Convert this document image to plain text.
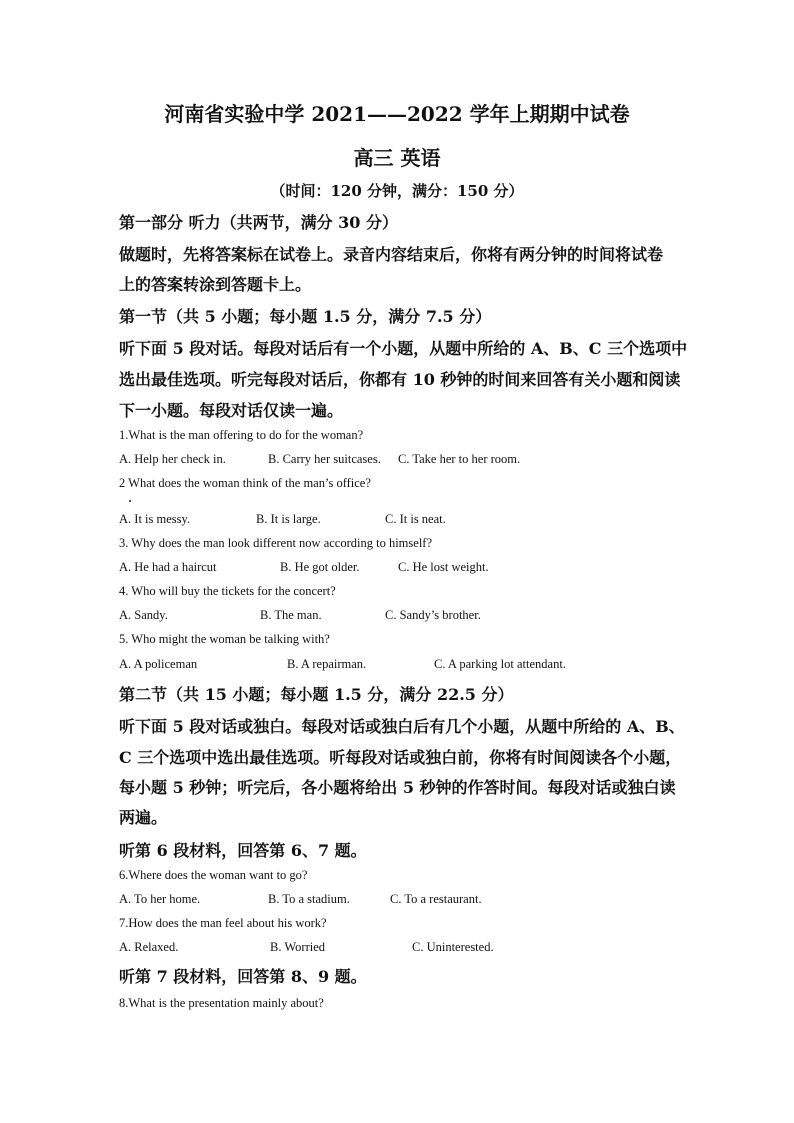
河南省实验中学 2021——2022 学年上期期中试卷
高三 英语
（时间：120 分钟，满分：150 分）
第一部分 听力（共两节，满分 30 分）
做题时，先将答案标在试卷上。录音内容结束后，你将有两分钟的时间将试卷
上的答案转涂到答题卡上。
第一节（共 5 小题；每小题 1.5 分，满分 7.5 分）
听下面 5 段对话。每段对话后有一个小题，从题中所给的 A、B、C 三个选项中
选出最佳选项。听完每段对话后，你都有 10 秒钟的时间来回答有关小题和阅读
下一小题。每段对话仅读一遍。
1.What is the man offering to do for the woman?
A. Help her check in.	B. Carry her suitcases. C. Take her to her room.
2 What does the woman think of the man’s office?
A. It is messy.	B. It is large.	C. It is neat.
3. Why does the man look different now according to himself?
A. He had a haircut	B. He got older.	C. He lost weight.
4. Who will buy the tickets for the concert?
A. Sandy.	B. The man.	C. Sandy’s brother.
5. Who might the woman be talking with?
A. A policeman	B. A repairman.	C. A parking lot attendant.
第二节（共 15 小题；每小题 1.5 分，满分 22.5 分）
听下面 5 段对话或独白。每段对话或独白后有几个小题，从题中所给的 A、B、
C 三个选项中选出最佳选项。听每段对话或独白前，你将有时间阅读各个小题，
每小题 5 秒钟；听完后，各小题将给出 5 秒钟的作答时间。每段对话或独白读
两遍。
听第 6 段材料，回答第 6、7 题。
6.Where does the woman want to go?
A. To her home.	B. To a stadium.	C. To a restaurant.
7.How does the man feel about his work?
A. Relaxed.	B. Worried	C. Uninterested.
听第 7 段材料，回答第 8、9 题。
8.What is the presentation mainly about?
